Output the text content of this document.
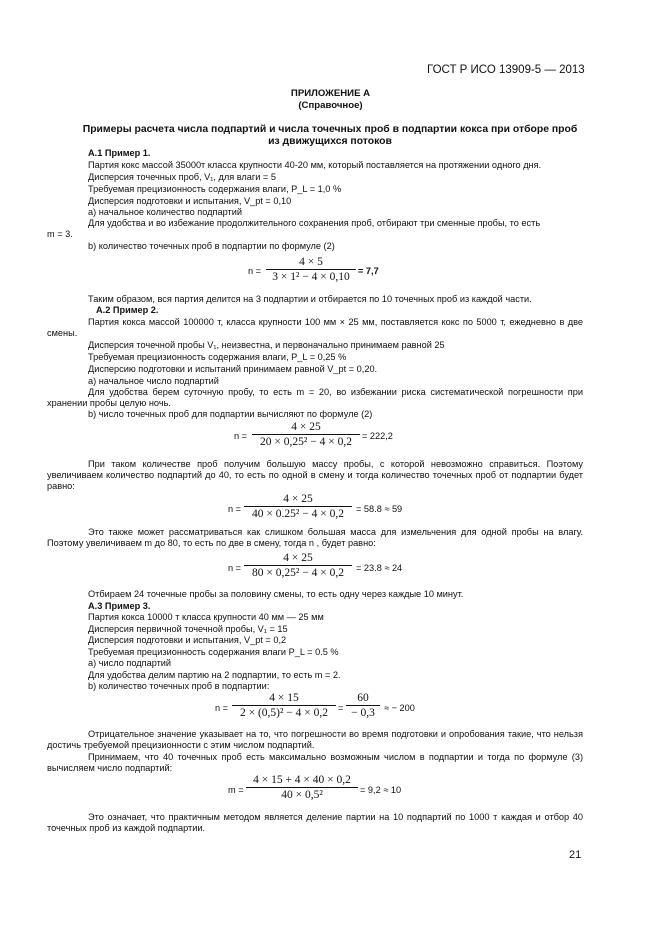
ГОСТ Р ИСО 13909-5 — 2013
ПРИЛОЖЕНИЕ А
(Справочное)
Примеры расчета числа подпартий и числа точечных проб в подпартии кокса при отборе проб
из движущихся потоков
А.1 Пример 1.
Партия кокс массой 35000т класса крупности 40-20 мм, который поставляется на протяжении одного дня.
Дисперсия точечных проб, V₁, для влаги = 5
Требуемая прецизионность содержания влаги, P_L = 1,0 %
Дисперсия подготовки и испытания, V_pt = 0,10
а) начальное количество подпартий
Для удобства и во избежание продолжительного сохранения проб, отбирают три сменные пробы, то есть
m = 3.
b) количество точечных проб в подпартии по формуле (2)
$n = \frac{4 \times 5}{\text{3 × 1² − 4 × 0,10}} = 7,7$
Таким образом, вся партия делится на 3 подпартии и отбирается по 10 точечных проб из каждой части.
А.2 Пример 2.
Партия кокса массой 100000 т, класса крупности 100 мм × 25 мм, поставляется кокс по 5000 т, ежедневно в две смены.
Дисперсия точечной пробы V₁, неизвестна, и первоначально принимаем равной 25
Требуемая прецизионность содержания влаги, P_L = 0,25 %
Дисперсию подготовки и испытаний принимаем равной V_pt = 0,20.
а) начальное число подпартий
Для удобства берем суточную пробу, то есть m = 20, во избежании риска систематической погрешности при хранении пробы целую ночь.
b) число точечных проб для подпартии вычисляют по формуле (2)
$n = \frac{4 \times 25}{\text{20 × 0,25² − 4 × 0,2}} = 222,2$
При таком количестве проб получим большую массу пробы, с которой невозможно справиться. Поэтому увеличиваем количество подпартий до 40, то есть по одной в смену и тогда количество точечных проб от подпартии будет равно:
$n = \frac{4 \times 25}{\text{40 × 0.25² − 4 × 0,2}} = 58.8 \approx 59$
Это также может рассматриваться как слишком большая масса для измельчения для одной пробы на влагу. Поэтому увеличиваем m до 80, то есть по две в смену, тогда n , будет равно:
$n = \frac{4 \times 25}{\text{80 × 0,25² − 4 × 0,2}} = 23.8 \approx 24$
Отбираем 24 точечные пробы за половину смены, то есть одну через каждые 10 минут.
А.3 Пример 3.
Партия кокса 10000 т класса крупности 40 мм — 25 мм
Дисперсия первичной точечной пробы, V₁ = 15
Дисперсия подготовки и испытания, V_pt = 0,2
Требуемая прецизионность содержания влаги P_L = 0.5 %
а) число подпартий
Для удобства делим партию на 2 подпартии, то есть m = 2.
b) количество точечных проб в подпартии:
$n = \frac{4 \times 15}{\text{2 × (0,5)² − 4 × 0,2}} = \frac{60}{- 0,3}$ ≈ − 200
Отрицательное значение указывает на то, что погрешности во время подготовки и опробования такие, что нельзя достичь требуемой прецизионности с этим числом подпартий.
Принимаем, что 40 точечных проб есть максимально возможным числом в подпартии и тогда по формуле (3) вычисляем число подпартий:
$m = \frac{4 \times 15 + 4 \times 40 \times 0,2}{\text{40 × 0,5²}} = 9,2 \approx 10$
Это означает, что практичным методом является деление партии на 10 подпартий по 1000 т каждая и отбор 40 точечных проб из каждой подпартии.
21
